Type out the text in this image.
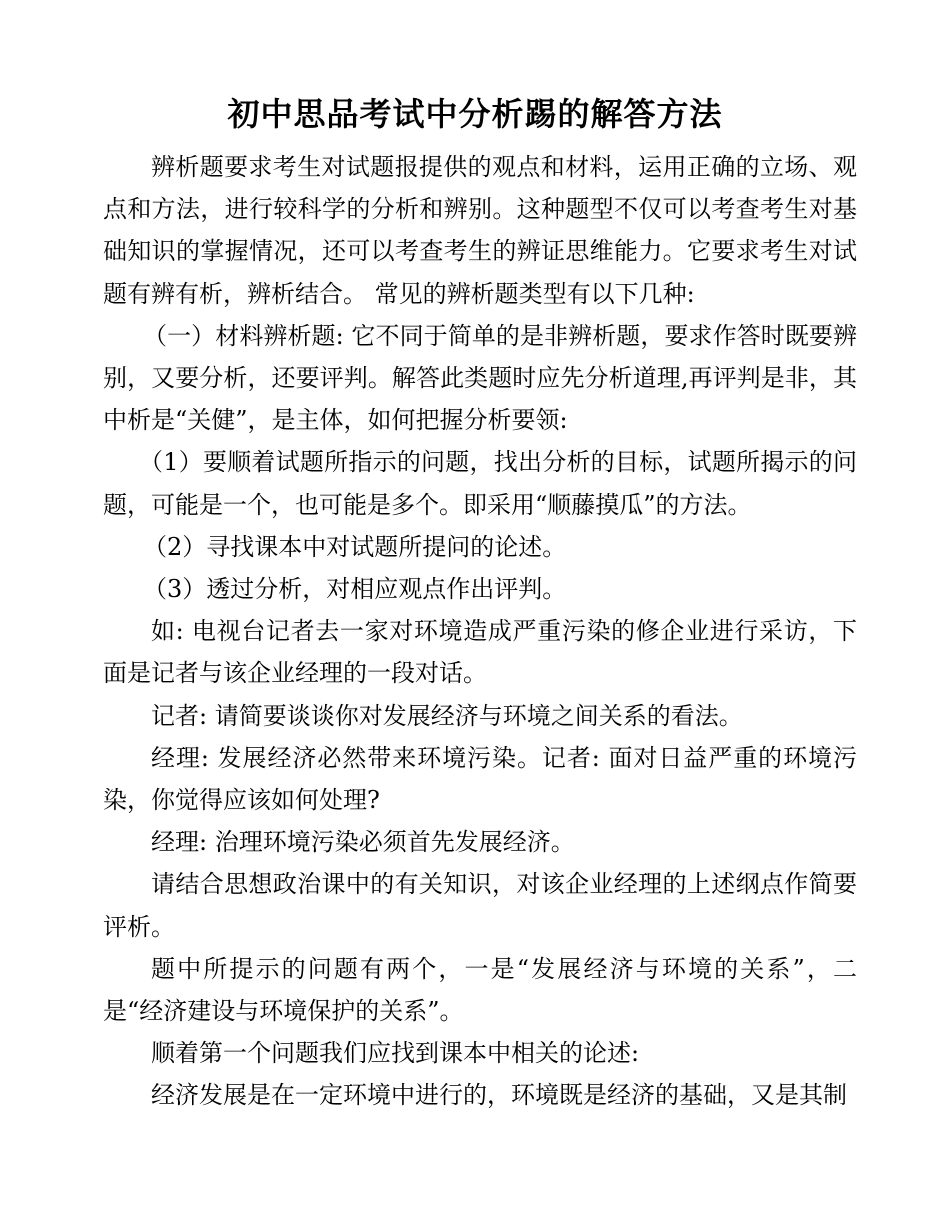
初中思品考试中分析踢的解答方法

辨析题要求考生对试题报提供的观点和材料，运用正确的立场、观点和方法，进行较科学的分析和辨别。这种题型不仅可以考查考生对基础知识的掌握情况，还可以考查考生的辨证思维能力。它要求考生对试题有辨有析，辨析结合。 常见的辨析题类型有以下几种:

（一）材料辨析题: 它不同于简单的是非辨析题，要求作答时既要辨别，又要分析，还要评判。解答此类题时应先分析道理,再评判是非，其中析是“关健”，是主体，如何把握分析要领:

（1）要顺着试题所指示的问题，找出分析的目标，试题所揭示的问题，可能是一个，也可能是多个。即采用“顺藤摸瓜”的方法。

（2）寻找课本中对试题所提问的论述。

（3）透过分析，对相应观点作出评判。

如: 电视台记者去一家对环境造成严重污染的修企业进行采访，下面是记者与该企业经理的一段对话。

记者: 请简要谈谈你对发展经济与环境之间关系的看法。

经理: 发展经济必然带来环境污染。记者: 面对日益严重的环境污染，你觉得应该如何处理?

经理: 治理环境污染必须首先发展经济。

请结合思想政治课中的有关知识，对该企业经理的上述纲点作简要评析。

题中所提示的问题有两个，一是“发展经济与环境的关系”，二是“经济建设与环境保护的关系”。

顺着第一个问题我们应找到课本中相关的论述:

经济发展是在一定环境中进行的，环境既是经济的基础，又是其制
